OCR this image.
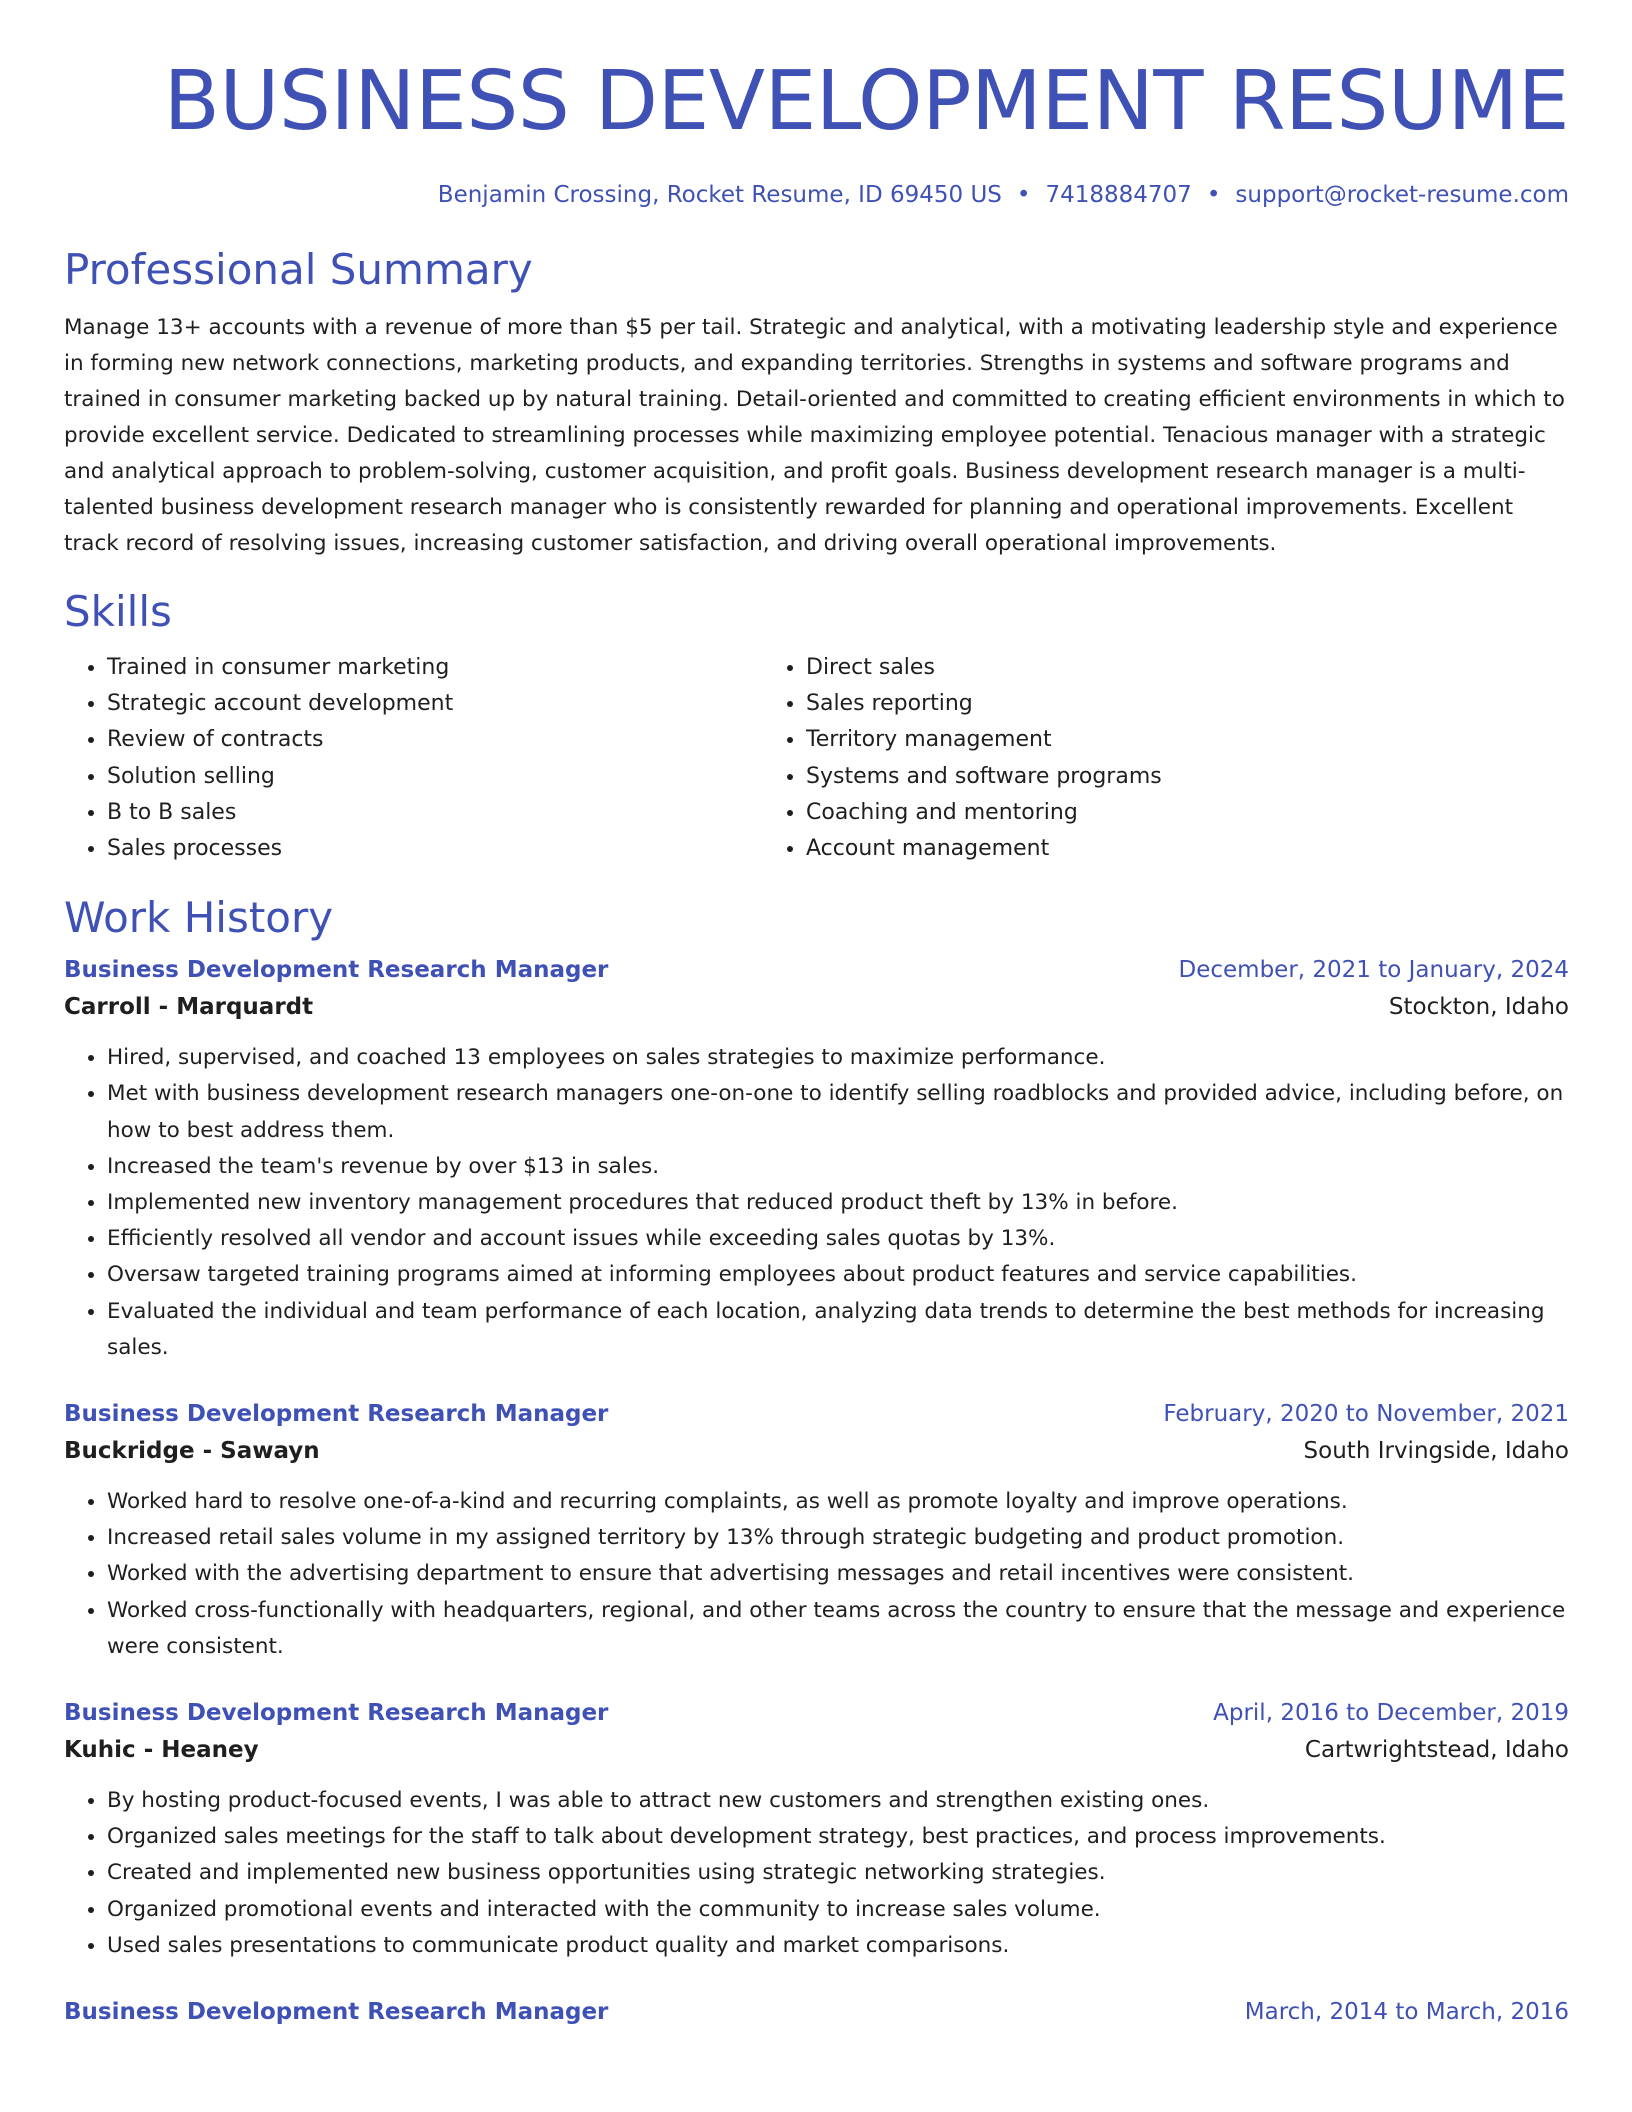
BUSINESS DEVELOPMENT RESUME
Benjamin Crossing, Rocket Resume, ID 69450 US • 7418884707 • support@rocket-resume.com
Professional Summary

Manage 13+ accounts with a revenue of more than $5 per tail. Strategic and analytical, with a motivating leadership style and experience in forming new network connections, marketing products, and expanding territories. Strengths in systems and software programs and trained in consumer marketing backed up by natural training. Detail-oriented and committed to creating efficient environments in which to provide excellent service. Dedicated to streamlining processes while maximizing employee potential. Tenacious manager with a strategic and analytical approach to problem-solving, customer acquisition, and profit goals. Business development research manager is a multi-talented business development research manager who is consistently rewarded for planning and operational improvements. Excellent track record of resolving issues, increasing customer satisfaction, and driving overall operational improvements.

Skills
• Trained in consumer marketing
• Strategic account development
• Review of contracts
• Solution selling
• B to B sales
• Sales processes
• Direct sales
• Sales reporting
• Territory management
• Systems and software programs
• Coaching and mentoring
• Account management
Work History
Business Development Research Manager	December, 2021 to January, 2024
Carroll - Marquardt	Stockton, Idaho
• Hired, supervised, and coached 13 employees on sales strategies to maximize performance.
• Met with business development research managers one-on-one to identify selling roadblocks and provided advice, including before, on how to best address them.
• Increased the team's revenue by over $13 in sales.
• Implemented new inventory management procedures that reduced product theft by 13% in before.
• Efficiently resolved all vendor and account issues while exceeding sales quotas by 13%.
• Oversaw targeted training programs aimed at informing employees about product features and service capabilities.
• Evaluated the individual and team performance of each location, analyzing data trends to determine the best methods for increasing sales.
Business Development Research Manager	February, 2020 to November, 2021
Buckridge - Sawayn	South Irvingside, Idaho
• Worked hard to resolve one-of-a-kind and recurring complaints, as well as promote loyalty and improve operations.
• Increased retail sales volume in my assigned territory by 13% through strategic budgeting and product promotion.
• Worked with the advertising department to ensure that advertising messages and retail incentives were consistent.
• Worked cross-functionally with headquarters, regional, and other teams across the country to ensure that the message and experience were consistent.
Business Development Research Manager	April, 2016 to December, 2019
Kuhic - Heaney	Cartwrightstead, Idaho
• By hosting product-focused events, I was able to attract new customers and strengthen existing ones.
• Organized sales meetings for the staff to talk about development strategy, best practices, and process improvements.
• Created and implemented new business opportunities using strategic networking strategies.
• Organized promotional events and interacted with the community to increase sales volume.
• Used sales presentations to communicate product quality and market comparisons.
Business Development Research Manager	March, 2014 to March, 2016
